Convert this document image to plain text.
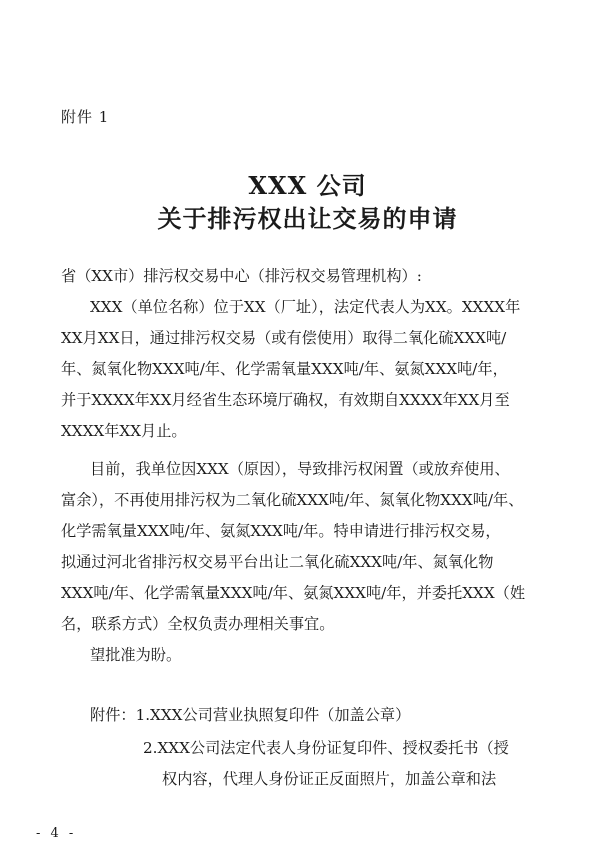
附件 1
XXX 公司
关于排污权出让交易的申请
省（XX市）排污权交易中心（排污权交易管理机构）:
XXX（单位名称）位于XX（厂址），法定代表人为XX。XXXX年
XX月XX日，通过排污权交易（或有偿使用）取得二氧化硫XXX吨/
年、氮氧化物XXX吨/年、化学需氧量XXX吨/年、氨氮XXX吨/年，
并于XXXX年XX月经省生态环境厅确权，有效期自XXXX年XX月至
XXXX年XX月止。
目前，我单位因XXX（原因），导致排污权闲置（或放弃使用、
富余），不再使用排污权为二氧化硫XXX吨/年、氮氧化物XXX吨/年、
化学需氧量XXX吨/年、氨氮XXX吨/年。特申请进行排污权交易，
拟通过河北省排污权交易平台出让二氧化硫XXX吨/年、氮氧化物
XXX吨/年、化学需氧量XXX吨/年、氨氮XXX吨/年，并委托XXX（姓
名，联系方式）全权负责办理相关事宜。
望批准为盼。
附件：1.XXX公司营业执照复印件（加盖公章）
2.XXX公司法定代表人身份证复印件、授权委托书（授
权内容，代理人身份证正反面照片，加盖公章和法
- 4 -
